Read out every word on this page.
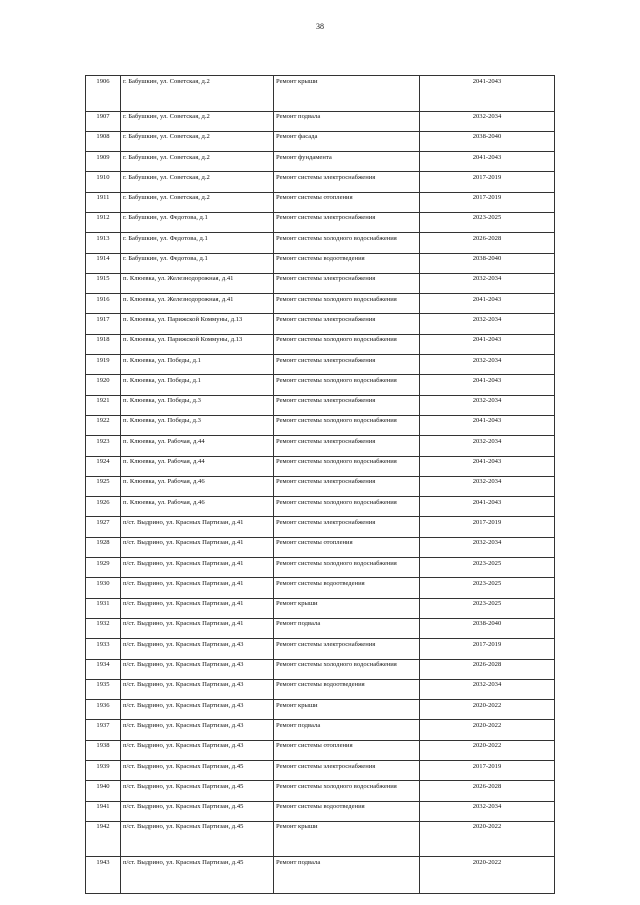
38
1906	г. Бабушкин, ул. Советская, д.2	Ремонт крыши	2041-2043
1907	г. Бабушкин, ул. Советская, д.2	Ремонт подвала	2032-2034
1908	г. Бабушкин, ул. Советская, д.2	Ремонт фасада	2038-2040
1909	г. Бабушкин, ул. Советская, д.2	Ремонт фундамента	2041-2043
1910	г. Бабушкин, ул. Советская, д.2	Ремонт системы электроснабжения	2017-2019
1911	г. Бабушкин, ул. Советская, д.2	Ремонт системы отопления	2017-2019
1912	г. Бабушкин, ул. Федотова, д.1	Ремонт системы электроснабжения	2023-2025
1913	г. Бабушкин, ул. Федотова, д.1	Ремонт системы холодного водоснабжения	2026-2028
1914	г. Бабушкин, ул. Федотова, д.1	Ремонт системы водоотведения	2038-2040
1915	п. Клюевка, ул. Железнодорожная, д.41	Ремонт системы электроснабжения	2032-2034
1916	п. Клюевка, ул. Железнодорожная, д.41	Ремонт системы холодного водоснабжения	2041-2043
1917	п. Клюевка, ул. Парижской Коммуны, д.13	Ремонт системы электроснабжения	2032-2034
1918	п. Клюевка, ул. Парижской Коммуны, д.13	Ремонт системы холодного водоснабжения	2041-2043
1919	п. Клюевка, ул. Победы, д.1	Ремонт системы электроснабжения	2032-2034
1920	п. Клюевка, ул. Победы, д.1	Ремонт системы холодного водоснабжения	2041-2043
1921	п. Клюевка, ул. Победы, д.3	Ремонт системы электроснабжения	2032-2034
1922	п. Клюевка, ул. Победы, д.3	Ремонт системы холодного водоснабжения	2041-2043
1923	п. Клюевка, ул. Рабочая, д.44	Ремонт системы электроснабжения	2032-2034
1924	п. Клюевка, ул. Рабочая, д.44	Ремонт системы холодного водоснабжения	2041-2043
1925	п. Клюевка, ул. Рабочая, д.46	Ремонт системы электроснабжения	2032-2034
1926	п. Клюевка, ул. Рабочая, д.46	Ремонт системы холодного водоснабжения	2041-2043
1927	п/ст. Выдрино, ул. Красных Партизан, д.41	Ремонт системы электроснабжения	2017-2019
1928	п/ст. Выдрино, ул. Красных Партизан, д.41	Ремонт системы отопления	2032-2034
1929	п/ст. Выдрино, ул. Красных Партизан, д.41	Ремонт системы холодного водоснабжения	2023-2025
1930	п/ст. Выдрино, ул. Красных Партизан, д.41	Ремонт системы водоотведения	2023-2025
1931	п/ст. Выдрино, ул. Красных Партизан, д.41	Ремонт крыши	2023-2025
1932	п/ст. Выдрино, ул. Красных Партизан, д.41	Ремонт подвала	2038-2040
1933	п/ст. Выдрино, ул. Красных Партизан, д.43	Ремонт системы электроснабжения	2017-2019
1934	п/ст. Выдрино, ул. Красных Партизан, д.43	Ремонт системы холодного водоснабжения	2026-2028
1935	п/ст. Выдрино, ул. Красных Партизан, д.43	Ремонт системы водоотведения	2032-2034
1936	п/ст. Выдрино, ул. Красных Партизан, д.43	Ремонт крыши	2020-2022
1937	п/ст. Выдрино, ул. Красных Партизан, д.43	Ремонт подвала	2020-2022
1938	п/ст. Выдрино, ул. Красных Партизан, д.43	Ремонт системы отопления	2020-2022
1939	п/ст. Выдрино, ул. Красных Партизан, д.45	Ремонт системы электроснабжения	2017-2019
1940	п/ст. Выдрино, ул. Красных Партизан, д.45	Ремонт системы холодного водоснабжения	2026-2028
1941	п/ст. Выдрино, ул. Красных Партизан, д.45	Ремонт системы водоотведения	2032-2034
1942	п/ст. Выдрино, ул. Красных Партизан, д.45	Ремонт крыши	2020-2022
1943	п/ст. Выдрино, ул. Красных Партизан, д.45	Ремонт подвала	2020-2022
